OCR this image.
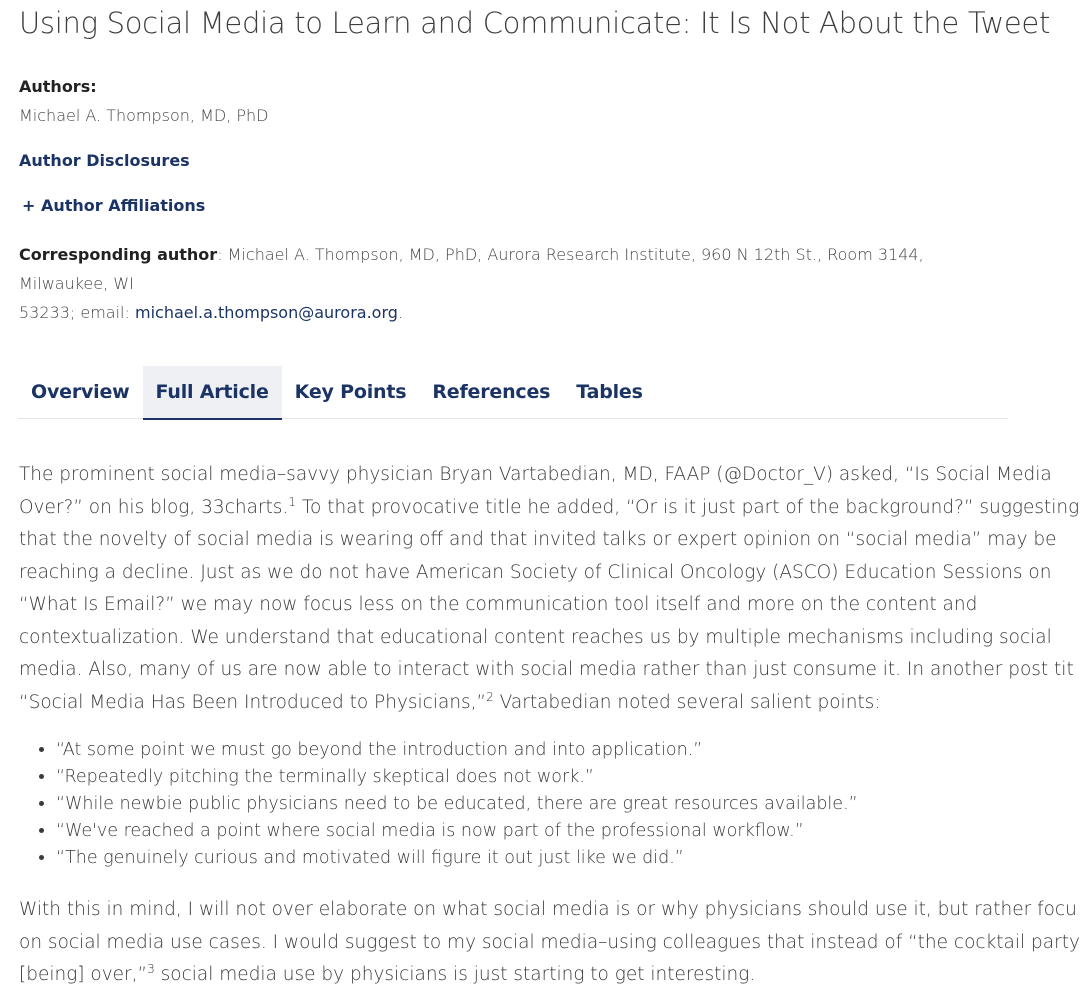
Using Social Media to Learn and Communicate: It Is Not About the Tweet
Authors:
Michael A. Thompson, MD, PhD
Author Disclosures
+ Author Affiliations
Corresponding author: Michael A. Thompson, MD, PhD, Aurora Research Institute, 960 N 12th St., Room 3144, Milwaukee, WI
53233; email: michael.a.thompson@aurora.org.
Overview	Full Article	Key Points	References	Tables

The prominent social media–savvy physician Bryan Vartabedian, MD, FAAP (@Doctor_V) asked, “Is Social Media
Over?” on his blog, 33charts.$^1$ To that provocative title he added, “Or is it just part of the background?” suggesting
that the novelty of social media is wearing off and that invited talks or expert opinion on “social media” may be
reaching a decline. Just as we do not have American Society of Clinical Oncology (ASCO) Education Sessions on
“What Is Email?” we may now focus less on the communication tool itself and more on the content and
contextualization. We understand that educational content reaches us by multiple mechanisms including social
media. Also, many of us are now able to interact with social media rather than just consume it. In another post tit
“Social Media Has Been Introduced to Physicians,”$^2$ Vartabedian noted several salient points:

• “At some point we must go beyond the introduction and into application.”
• “Repeatedly pitching the terminally skeptical does not work.”
• “While newbie public physicians need to be educated, there are great resources available.”
• “We've reached a point where social media is now part of the professional workflow.”
• “The genuinely curious and motivated will figure it out just like we did.”

With this in mind, I will not over elaborate on what social media is or why physicians should use it, but rather focu
on social media use cases. I would suggest to my social media–using colleagues that instead of “the cocktail party
[being] over,”$^3$ social media use by physicians is just starting to get interesting.
